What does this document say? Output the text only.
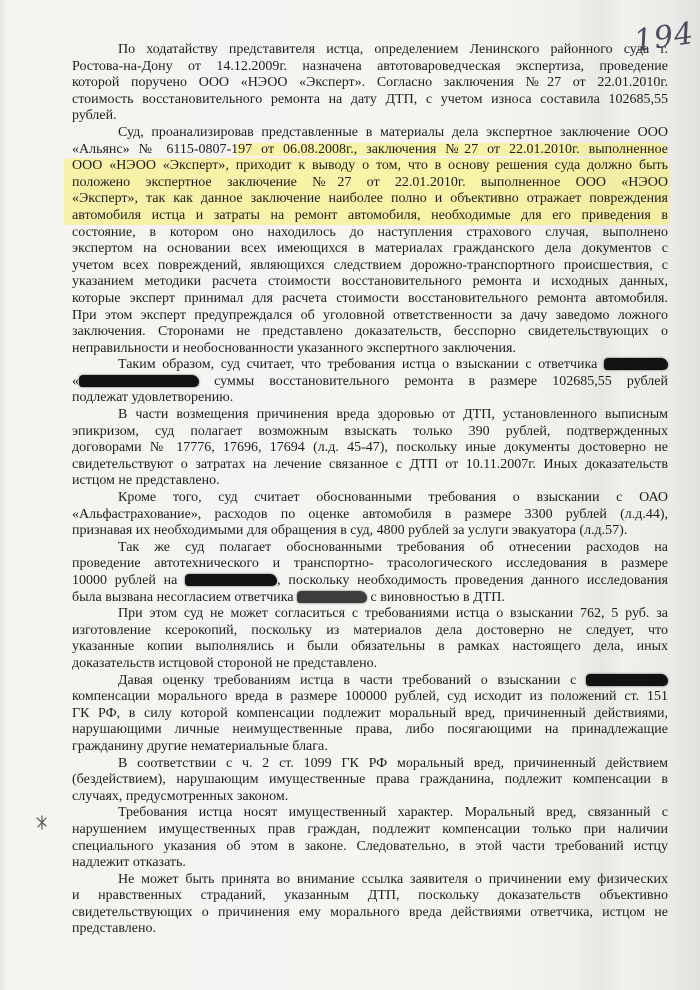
194
По ходатайству представителя истца, определением Ленинского районного суда г.
Ростова-на-Дону от 14.12.2009г. назначена автотовароведческая экспертиза, проведение
которой поручено ООО «НЭОО «Эксперт». Согласно заключения №27 от 22.01.2010г.
стоимость восстановительного ремонта на дату ДТП, с учетом износа составила 102685,55
рублей.
Суд, проанализировав представленные в материалы дела экспертное заключение ООО
«Альянс» № 6115-0807-197 от 06.08.2008г., заключения №27 от 22.01.2010г. выполненное
ООО «НЭОО «Эксперт», приходит к выводу о том, что в основу решения суда должно быть
положено экспертное заключение №27 от 22.01.2010г. выполненное ООО «НЭОО
«Эксперт», так как данное заключение наиболее полно и объективно отражает повреждения
автомобиля истца и затраты на ремонт автомобиля, необходимые для его приведения в
состояние, в котором оно находилось до наступления страхового случая, выполнено
экспертом на основании всех имеющихся в материалах гражданского дела документов с
учетом всех повреждений, являющихся следствием дорожно-транспортного происшествия, с
указанием методики расчета стоимости восстановительного ремонта и исходных данных,
которые эксперт принимал для расчета стоимости восстановительного ремонта автомобиля.
При этом эксперт предупреждался об уголовной ответственности за дачу заведомо ложного
заключения. Сторонами не представлено доказательств, бесспорно свидетельствующих о
неправильности и необоснованности указанного экспертного заключения.
Таким образом, суд считает, что требования истца о взыскании с ответчика
«	суммы восстановительного ремонта в размере 102685,55 рублей
подлежат удовлетворению.
В части возмещения причинения вреда здоровью от ДТП, установленного выписным
эпикризом, суд полагает возможным взыскать только 390 рублей, подтвержденных
договорами № 17776, 17696, 17694 (л.д. 45-47), поскольку иные документы достоверно не
свидетельствуют о затратах на лечение связанное с ДТП от 10.11.2007г. Иных доказательств
истцом не представлено.
Кроме того, суд считает обоснованными требования о взыскании с ОАО
«Альфастрахование», расходов по оценке автомобиля в размере 3300 рублей (л.д.44),
признавая их необходимыми для обращения в суд, 4800 рублей за услуги эвакуатора (л.д.57).
Так же суд полагает обоснованными требования об отнесении расходов на
проведение автотехнического и транспортно- трасологического исследования в размере
10000 рублей на	, поскольку необходимость проведения данного исследования
была вызвана несогласием ответчика	с виновностью в ДТП.
При этом суд не может согласиться с требованиями истца о взыскании 762, 5 руб. за
изготовление ксерокопий, поскольку из материалов дела достоверно не следует, что
указанные копии выполнялись и были обязательны в рамках настоящего дела, иных
доказательств истцовой стороной не представлено.
Давая оценку требованиям истца в части требований о взыскании с
компенсации морального вреда в размере 100000 рублей, суд исходит из положений ст. 151
ГК РФ, в силу которой компенсации подлежит моральный вред, причиненный действиями,
нарушающими личные неимущественные права, либо посягающими на принадлежащие
гражданину другие нематериальные блага.
В соответствии с ч. 2 ст. 1099 ГК РФ моральный вред, причиненный действием
(бездействием), нарушающим имущественные права гражданина, подлежит компенсации в
случаях, предусмотренных законом.
Требования истца носят имущественный характер. Моральный вред, связанный с
нарушением имущественных прав граждан, подлежит компенсации только при наличии
специального указания об этом в законе. Следовательно, в этой части требований истцу
надлежит отказать.
Не может быть принята во внимание ссылка заявителя о причинении ему физических
и нравственных страданий, указанным ДТП, поскольку доказательств объективно
свидетельствующих о причинения ему морального вреда действиями ответчика, истцом не
представлено.
